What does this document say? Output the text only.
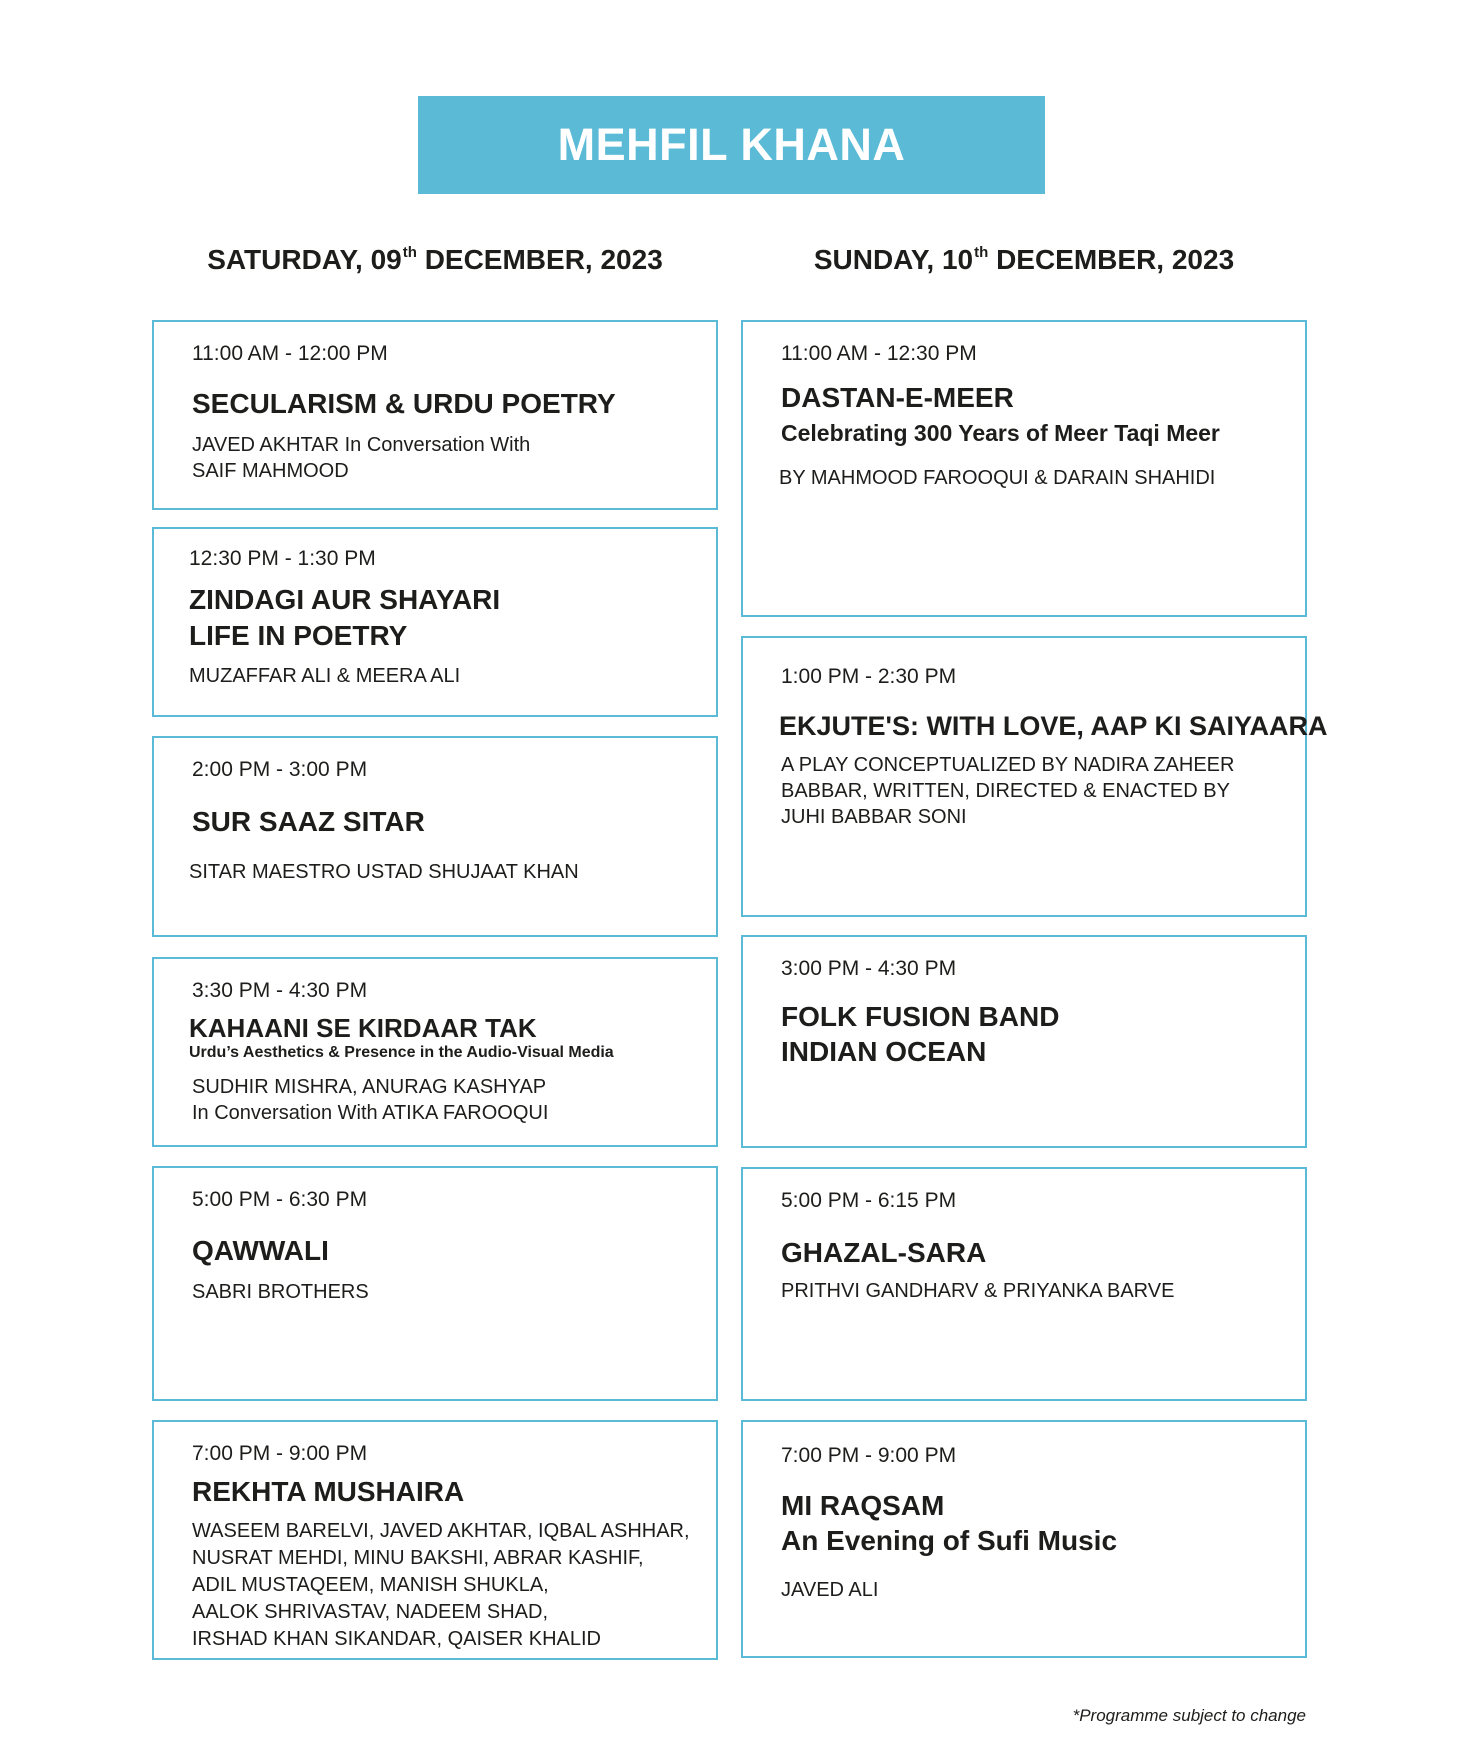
MEHFIL KHANA
SATURDAY, 09th DECEMBER, 2023	SUNDAY, 10th DECEMBER, 2023
11:00 AM - 12:00 PM
SECULARISM & URDU POETRY
JAVED AKHTAR In Conversation With
SAIF MAHMOOD
12:30 PM - 1:30 PM
ZINDAGI AUR SHAYARI
LIFE IN POETRY
MUZAFFAR ALI & MEERA ALI
2:00 PM - 3:00 PM
SUR SAAZ SITAR
SITAR MAESTRO USTAD SHUJAAT KHAN
3:30 PM - 4:30 PM
KAHAANI SE KIRDAAR TAK
Urdu’s Aesthetics & Presence in the Audio-Visual Media
SUDHIR MISHRA, ANURAG KASHYAP
In Conversation With ATIKA FAROOQUI
5:00 PM - 6:30 PM
QAWWALI
SABRI BROTHERS
7:00 PM - 9:00 PM
REKHTA MUSHAIRA
WASEEM BARELVI, JAVED AKHTAR, IQBAL ASHHAR,
NUSRAT MEHDI, MINU BAKSHI, ABRAR KASHIF,
ADIL MUSTAQEEM, MANISH SHUKLA,
AALOK SHRIVASTAV, NADEEM SHAD,
IRSHAD KHAN SIKANDAR, QAISER KHALID
11:00 AM - 12:30 PM
DASTAN-E-MEER
Celebrating 300 Years of Meer Taqi Meer
BY MAHMOOD FAROOQUI & DARAIN SHAHIDI
1:00 PM - 2:30 PM
EKJUTE'S: WITH LOVE, AAP KI SAIYAARA
A PLAY CONCEPTUALIZED BY NADIRA ZAHEER
BABBAR, WRITTEN, DIRECTED & ENACTED BY
JUHI BABBAR SONI
3:00 PM - 4:30 PM
FOLK FUSION BAND
INDIAN OCEAN
5:00 PM - 6:15 PM
GHAZAL-SARA
PRITHVI GANDHARV & PRIYANKA BARVE
7:00 PM - 9:00 PM
MI RAQSAM
An Evening of Sufi Music
JAVED ALI
*Programme subject to change
